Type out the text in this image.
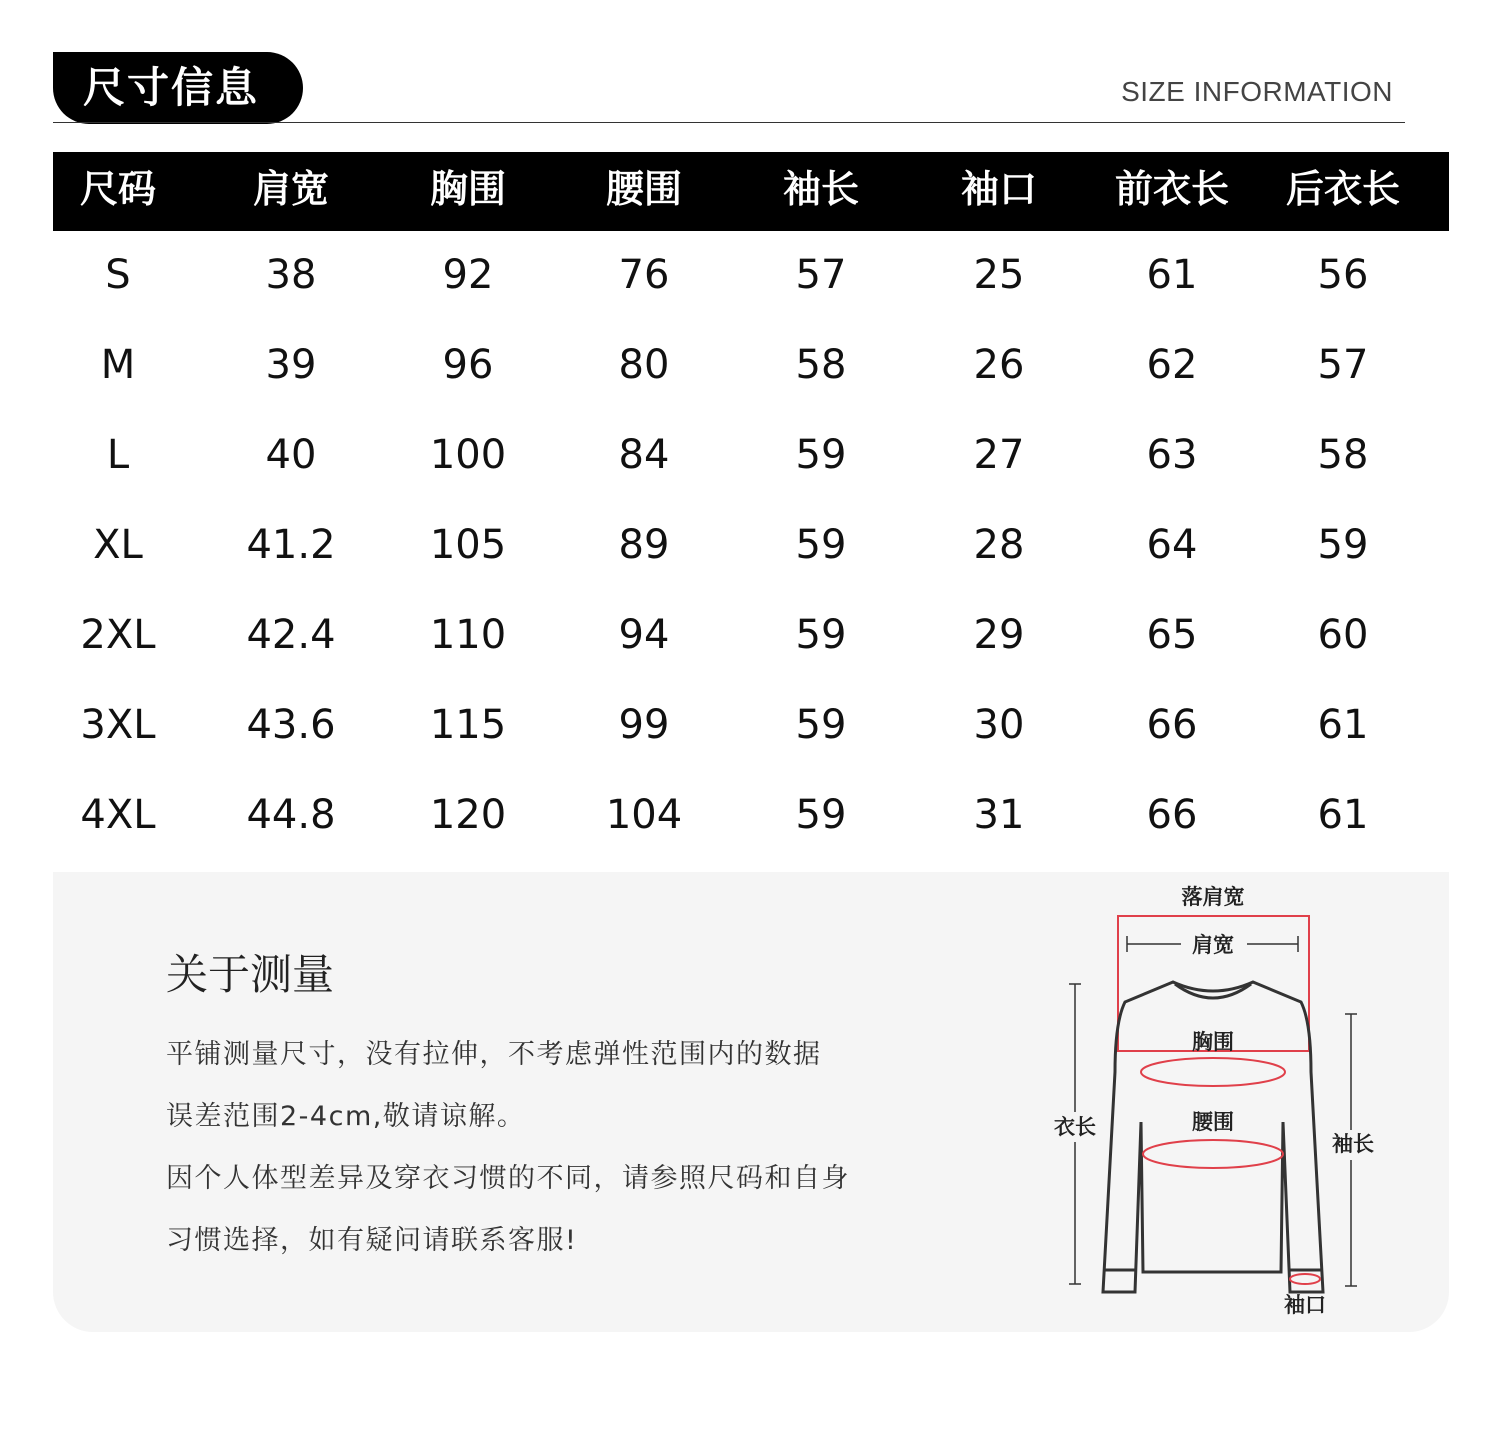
尺寸信息	SIZE INFORMATION
尺码	肩宽	胸围	腰围	袖长	袖口	前衣长	后衣长
S	38	92	76	57	25	61	56
M	39	96	80	58	26	62	57
L	40	100	84	59	27	63	58
XL	41.2	105	89	59	28	64	59
2XL	42.4	110	94	59	29	65	60
3XL	43.6	115	99	59	30	66	61
4XL	44.8	120	104	59	31	66	61
关于测量
平铺测量尺寸，没有拉伸，不考虑弹性范围内的数据
误差范围2-4cm,敬请谅解。
因个人体型差异及穿衣习惯的不同，请参照尺码和自身
习惯选择，如有疑问请联系客服!
落肩宽
肩宽
胸围
腰围
袖口
衣长
袖长
